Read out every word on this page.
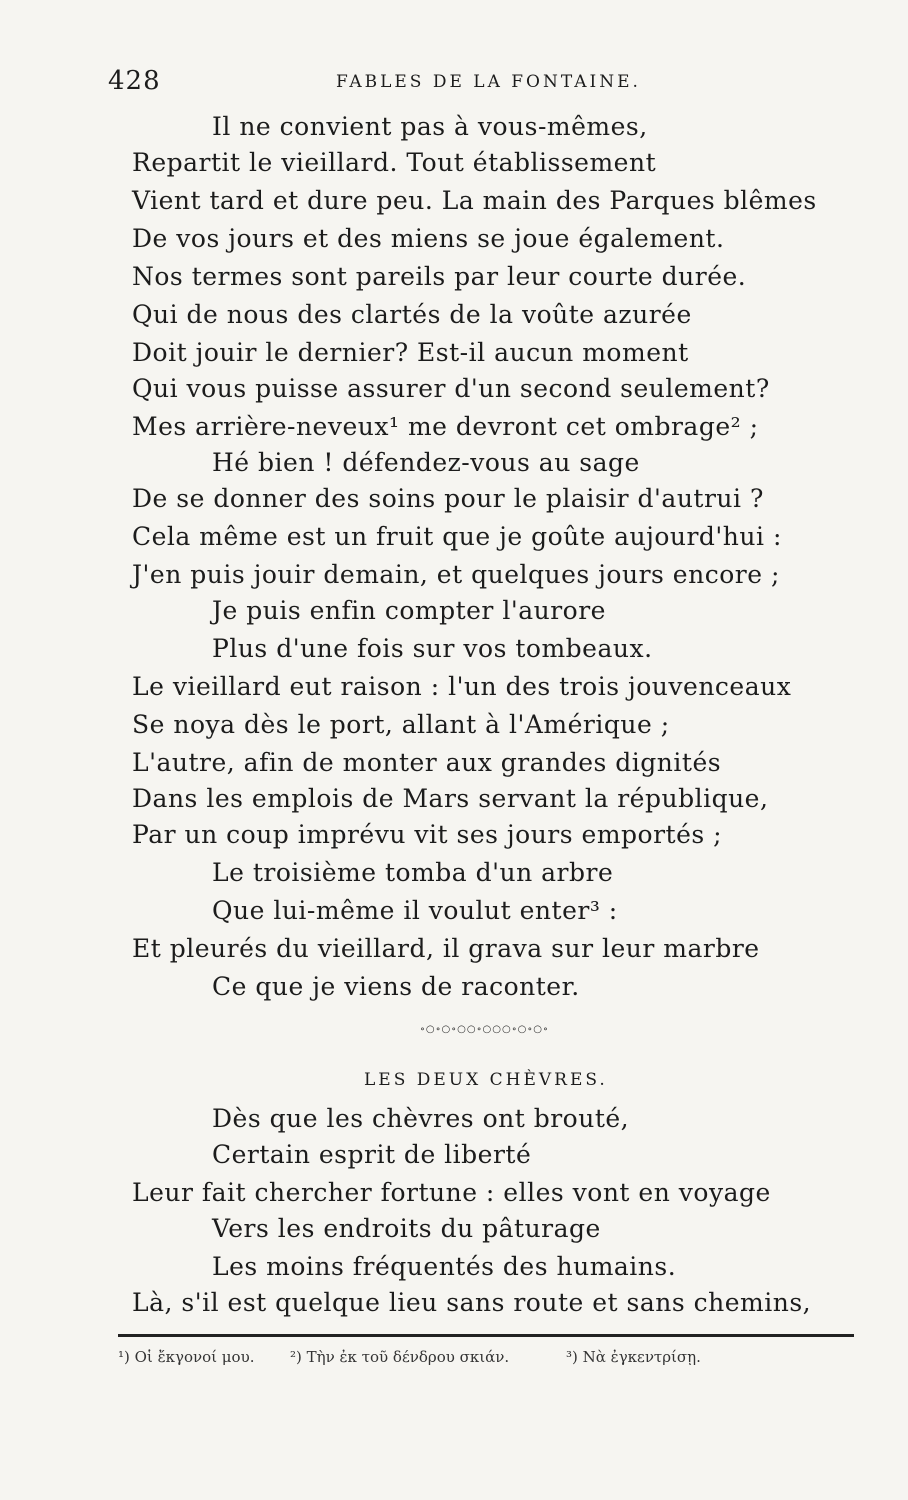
428	FABLES DE LA FONTAINE.
Il ne convient pas à vous-mêmes,
Repartit le vieillard. Tout établissement
Vient tard et dure peu. La main des Parques blêmes
De vos jours et des miens se joue également.
Nos termes sont pareils par leur courte durée.
Qui de nous des clartés de la voûte azurée
Doit jouir le dernier? Est-il aucun moment
Qui vous puisse assurer d'un second seulement?
Mes arrière-neveux¹ me devront cet ombrage² ;
Hé bien ! défendez-vous au sage
De se donner des soins pour le plaisir d'autrui ?
Cela même est un fruit que je goûte aujourd'hui :
J'en puis jouir demain, et quelques jours encore ;
Je puis enfin compter l'aurore
Plus d'une fois sur vos tombeaux.
Le vieillard eut raison : l'un des trois jouvenceaux
Se noya dès le port, allant à l'Amérique ;
L'autre, afin de monter aux grandes dignités
Dans les emplois de Mars servant la république,
Par un coup imprévu vit ses jours emportés ;
Le troisième tomba d'un arbre
Que lui-même il voulut enter³ :
Et pleurés du vieillard, il grava sur leur marbre
Ce que je viens de raconter.
∘○∘○∘○○∘○○○∘○∘○∘
LES DEUX CHÈVRES.
Dès que les chèvres ont brouté,
Certain esprit de liberté
Leur fait chercher fortune : elles vont en voyage
Vers les endroits du pâturage
Les moins fréquentés des humains.
Là, s'il est quelque lieu sans route et sans chemins,
¹) Οἱ ἔκγονοί μου. ²) Τὴν ἐκ τοῦ δένδρου σκιάν.	³) Νὰ ἐγκεντρίσῃ.
